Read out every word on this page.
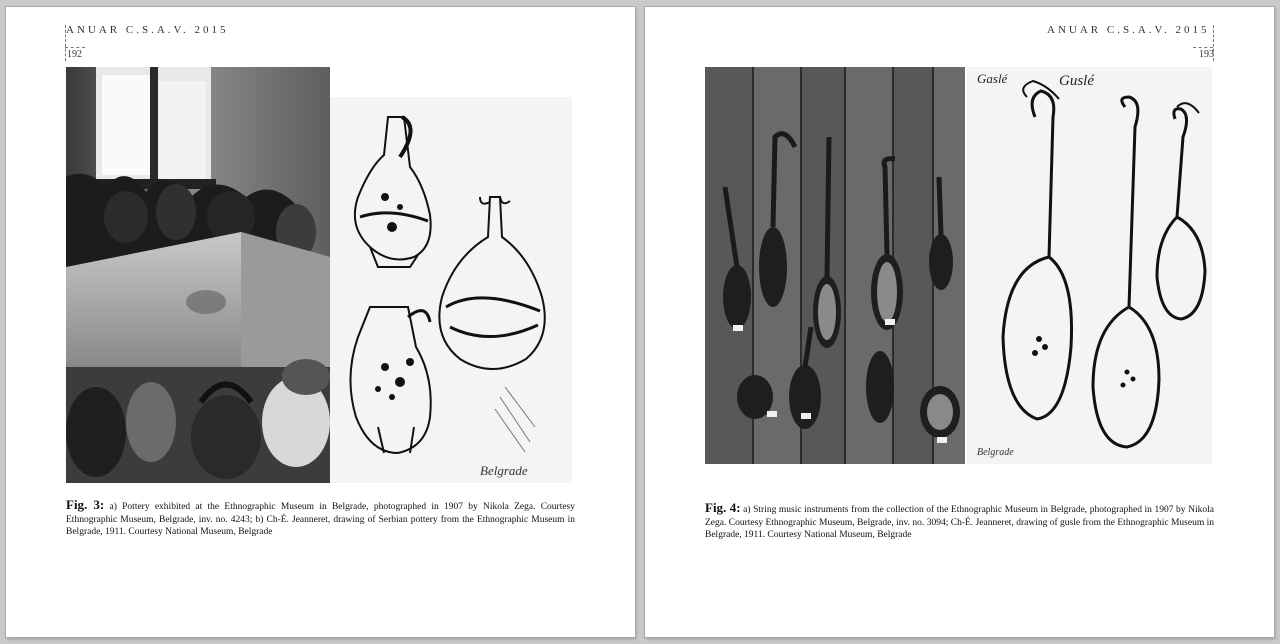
ANUAR C.S.A.V. 2015
192
Belgrade
Fig. 3: a) Pottery exhibited at the Ethnographic Museum in Belgrade, photographed in 1907 by Nikola Zega. Courtesy Ethnographic Museum, Belgrade, inv. no. 4243; b) Ch-É. Jeanneret, drawing of Serbian pottery from the Ethnographic Museum in Belgrade, 1911. Courtesy National Museum, Belgrade
ANUAR C.S.A.V. 2015
193
Gaslé	Guslé
Belgrade
Fig. 4: a) String music instruments from the collection of the Ethnographic Museum in Belgrade, photographed in 1907 by Nikola Zega. Courtesy Ethnographic Museum, Belgrade, inv. no. 3094; Ch-É. Jeanneret, drawing of gusle from the Ethnographic Museum in Belgrade, 1911. Courtesy National Museum, Belgrade
